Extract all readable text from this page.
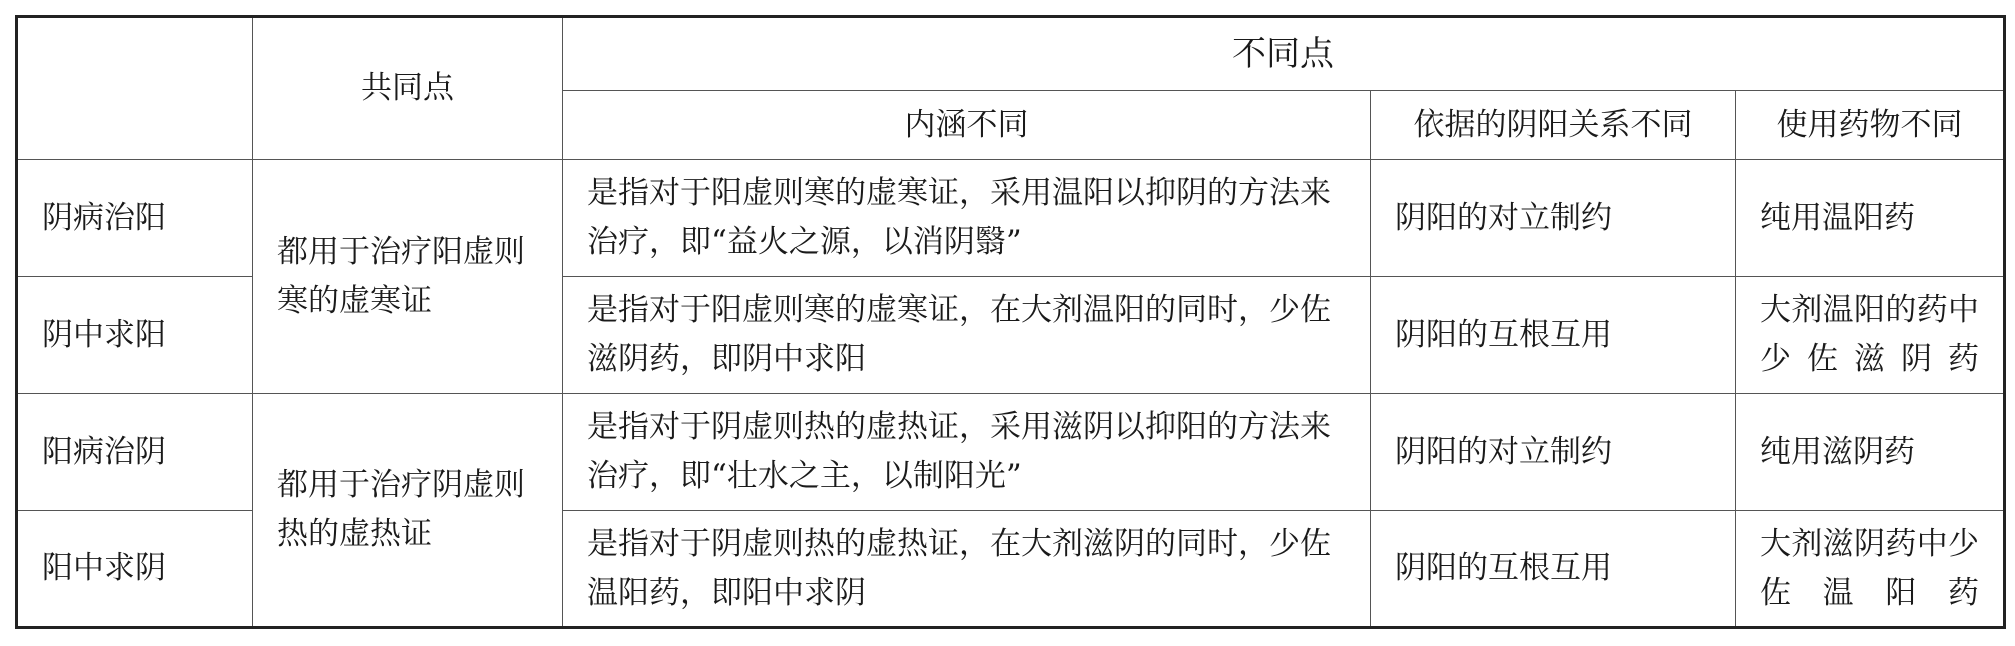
	共同点	不同点		
		内涵不同	依据的阴阳关系不同	使用药物不同
阴病治阳	都用于治疗阳虚则寒的虚寒证	是指对于阳虚则寒的虚寒证，采用温阳以抑阴的方法来治疗，即“益火之源，以消阴翳”	阴阳的对立制约	纯用温阳药
阴中求阳		是指对于阳虚则寒的虚寒证，在大剂温阳的同时，少佐滋阴药，即阴中求阳	阴阳的互根互用	大剂温阳的药中少佐滋阴药
阳病治阴	都用于治疗阴虚则热的虚热证	是指对于阴虚则热的虚热证，采用滋阴以抑阳的方法来治疗，即“壮水之主，以制阳光”	阴阳的对立制约	纯用滋阴药
阳中求阴		是指对于阴虚则热的虚热证，在大剂滋阴的同时，少佐温阳药，即阳中求阴	阴阳的互根互用	大剂滋阴药中少佐温阳药
